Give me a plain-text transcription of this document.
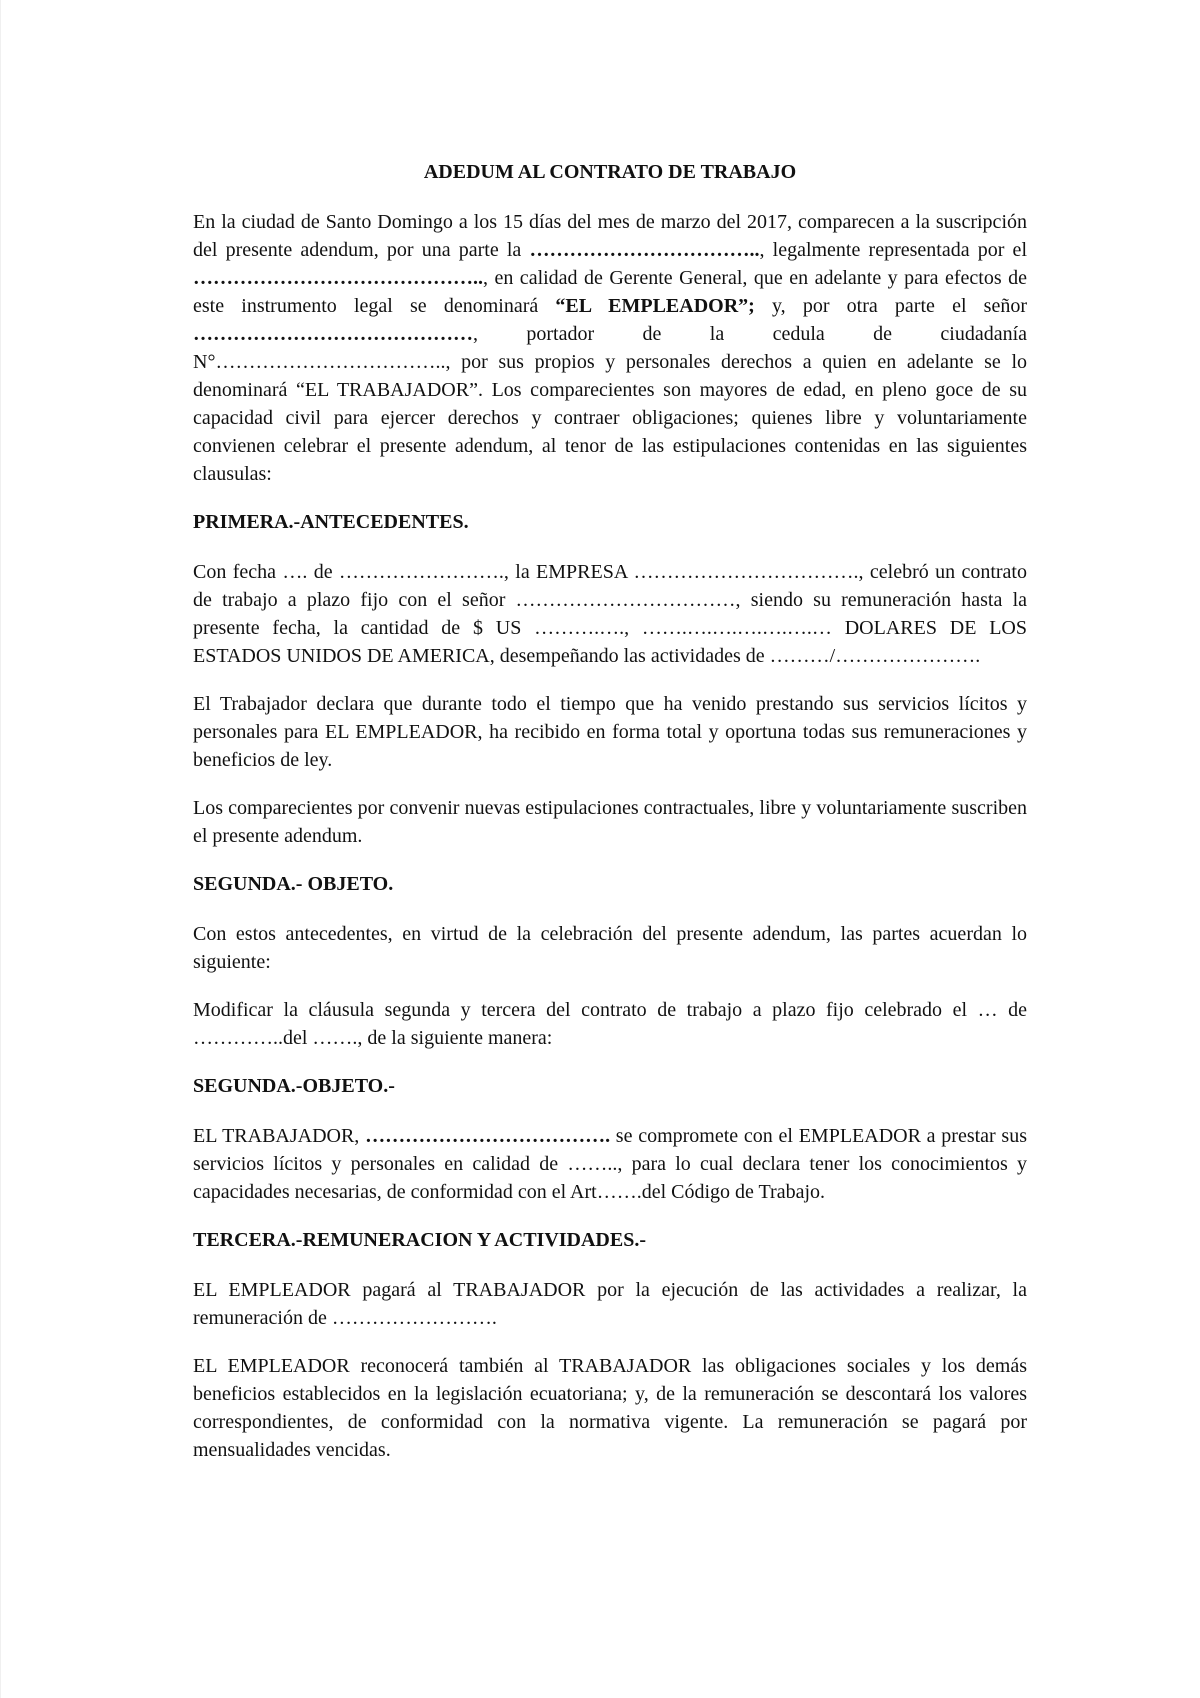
ADEDUM AL CONTRATO DE TRABAJO

En la ciudad de Santo Domingo a los 15 días del mes de marzo del 2017, comparecen a la suscripción del presente adendum, por una parte la …………………………….., legalmente representada por el …………………………………….., en calidad de Gerente General, que en adelante y para efectos de este instrumento legal se denominará “EL EMPLEADOR”; y, por otra parte el señor ……………………………………, portador de la cedula de ciudadanía N°…………………………….., por sus propios y personales derechos a quien en adelante se lo denominará “EL TRABAJADOR”. Los comparecientes son mayores de edad, en pleno goce de su capacidad civil para ejercer derechos y contraer obligaciones; quienes libre y voluntariamente convienen celebrar el presente adendum, al tenor de las estipulaciones contenidas en las siguientes clausulas:

PRIMERA.-ANTECEDENTES.

Con fecha …. de ……………………., la EMPRESA ……………………………., celebró un contrato de trabajo a plazo fijo con el señor ……………………………, siendo su remuneración hasta la presente fecha, la cantidad de $ US ……….…., …….….….….….….… DOLARES DE LOS ESTADOS UNIDOS DE AMERICA, desempeñando las actividades de ………/………………….

El Trabajador declara que durante todo el tiempo que ha venido prestando sus servicios lícitos y personales para EL EMPLEADOR, ha recibido en forma total y oportuna todas sus remuneraciones y beneficios de ley.

Los comparecientes por convenir nuevas estipulaciones contractuales, libre y voluntariamente suscriben el presente adendum.

SEGUNDA.- OBJETO.

Con estos antecedentes, en virtud de la celebración del presente adendum, las partes acuerdan lo siguiente:

Modificar la cláusula segunda y tercera del contrato de trabajo a plazo fijo celebrado el … de …………..del ……., de la siguiente manera:

SEGUNDA.-OBJETO.-

EL TRABAJADOR, ………………………………. se compromete con el EMPLEADOR a prestar sus servicios lícitos y personales en calidad de …….., para lo cual declara tener los conocimientos y capacidades necesarias, de conformidad con el Art…….del Código de Trabajo.

TERCERA.-REMUNERACION Y ACTIVIDADES.-

EL EMPLEADOR pagará al TRABAJADOR por la ejecución de las actividades a realizar, la remuneración de …………………….

EL EMPLEADOR reconocerá también al TRABAJADOR las obligaciones sociales y los demás beneficios establecidos en la legislación ecuatoriana; y, de la remuneración se descontará los valores correspondientes, de conformidad con la normativa vigente. La remuneración se pagará por mensualidades vencidas.
